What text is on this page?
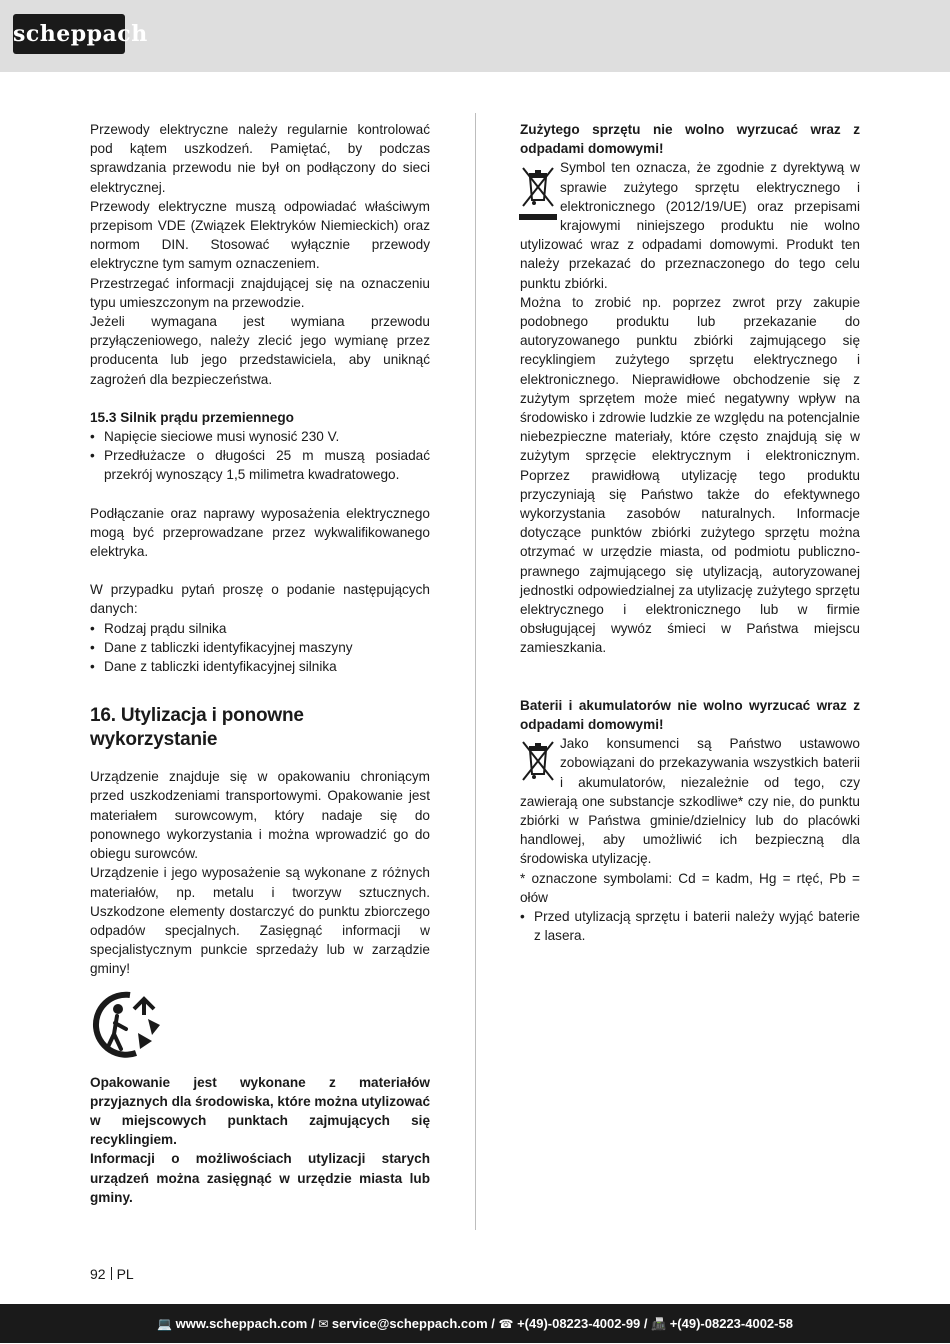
scheppach

Przewody elektryczne należy regularnie kontrolować pod kątem uszkodzeń. Pamiętać, by podczas sprawdzania przewodu nie był on podłączony do sieci elektrycznej.

Przewody elektryczne muszą odpowiadać właściwym przepisom VDE (Związek Elektryków Niemieckich) oraz normom DIN. Stosować wyłącznie przewody elektryczne tym samym oznaczeniem.

Przestrzegać informacji znajdującej się na oznaczeniu typu umieszczonym na przewodzie.

Jeżeli wymagana jest wymiana przewodu przyłączeniowego, należy zlecić jego wymianę przez producenta lub jego przedstawiciela, aby uniknąć zagrożeń dla bezpieczeństwa.

15.3 Silnik prądu przemiennego

• Napięcie sieciowe musi wynosić 230 V.
• Przedłużacze o długości 25 m muszą posiadać przekrój wynoszący 1,5 milimetra kwadratowego.

Podłączanie oraz naprawy wyposażenia elektrycznego mogą być przeprowadzane przez wykwalifikowanego elektryka.

W przypadku pytań proszę o podanie następujących danych:

• Rodzaj prądu silnika
• Dane z tabliczki identyfikacyjnej maszyny
• Dane z tabliczki identyfikacyjnej silnika
16. Utylizacja i ponowne wykorzystanie

Urządzenie znajduje się w opakowaniu chroniącym przed uszkodzeniami transportowymi. Opakowanie jest materiałem surowcowym, który nadaje się do ponownego wykorzystania i można wprowadzić go do obiegu surowców.

Urządzenie i jego wyposażenie są wykonane z różnych materiałów, np. metalu i tworzyw sztucznych. Uszkodzone elementy dostarczyć do punktu zbiorczego odpadów specjalnych. Zasięgnąć informacji w specjalistycznym punkcie sprzedaży lub w zarządzie gminy!

Opakowanie jest wykonane z materiałów przyjaznych dla środowiska, które można utylizować w miejscowych punktach zajmujących się recyklingiem.

Informacji o możliwościach utylizacji starych urządzeń można zasięgnąć w urzędzie miasta lub gminy.

Zużytego sprzętu nie wolno wyrzucać wraz z odpadami domowymi!

Symbol ten oznacza, że zgodnie z dyrektywą w sprawie zużytego sprzętu elektrycznego i elektronicznego (2012/19/UE) oraz przepisami krajowymi niniejszego produktu nie wolno utylizować wraz z odpadami domowymi. Produkt ten należy przekazać do przeznaczonego do tego celu punktu zbiórki.

Można to zrobić np. poprzez zwrot przy zakupie podobnego produktu lub przekazanie do autoryzowanego punktu zbiórki zajmującego się recyklingiem zużytego sprzętu elektrycznego i elektronicznego. Nieprawidłowe obchodzenie się z zużytym sprzętem może mieć negatywny wpływ na środowisko i zdrowie ludzkie ze względu na potencjalnie niebezpieczne materiały, które często znajdują się w zużytym sprzęcie elektrycznym i elektronicznym. Poprzez prawidłową utylizację tego produktu przyczyniają się Państwo także do efektywnego wykorzystania zasobów naturalnych. Informacje dotyczące punktów zbiórki zużytego sprzętu można otrzymać w urzędzie miasta, od podmiotu publiczno-prawnego zajmującego się utylizacją, autoryzowanej jednostki odpowiedzialnej za utylizację zużytego sprzętu elektrycznego i elektronicznego lub w firmie obsługującej wywóz śmieci w Państwa miejscu zamieszkania.

Baterii i akumulatorów nie wolno wyrzucać wraz z odpadami domowymi!

Jako konsumenci są Państwo ustawowo zobowiązani do przekazywania wszystkich baterii i akumulatorów, niezależnie od tego, czy zawierają one substancje szkodliwe* czy nie, do punktu zbiórki w Państwa gminie/dzielnicy lub do placówki handlowej, aby umożliwić ich bezpieczną dla środowiska utylizację.

* oznaczone symbolami: Cd = kadm, Hg = rtęć, Pb = ołów

• Przed utylizacją sprzętu i baterii należy wyjąć baterie z lasera.
92 PL
💻 www.scheppach.com / ✉ service@scheppach.com / ☎ +(49)-08223-4002-99 / 📠 +(49)-08223-4002-58
